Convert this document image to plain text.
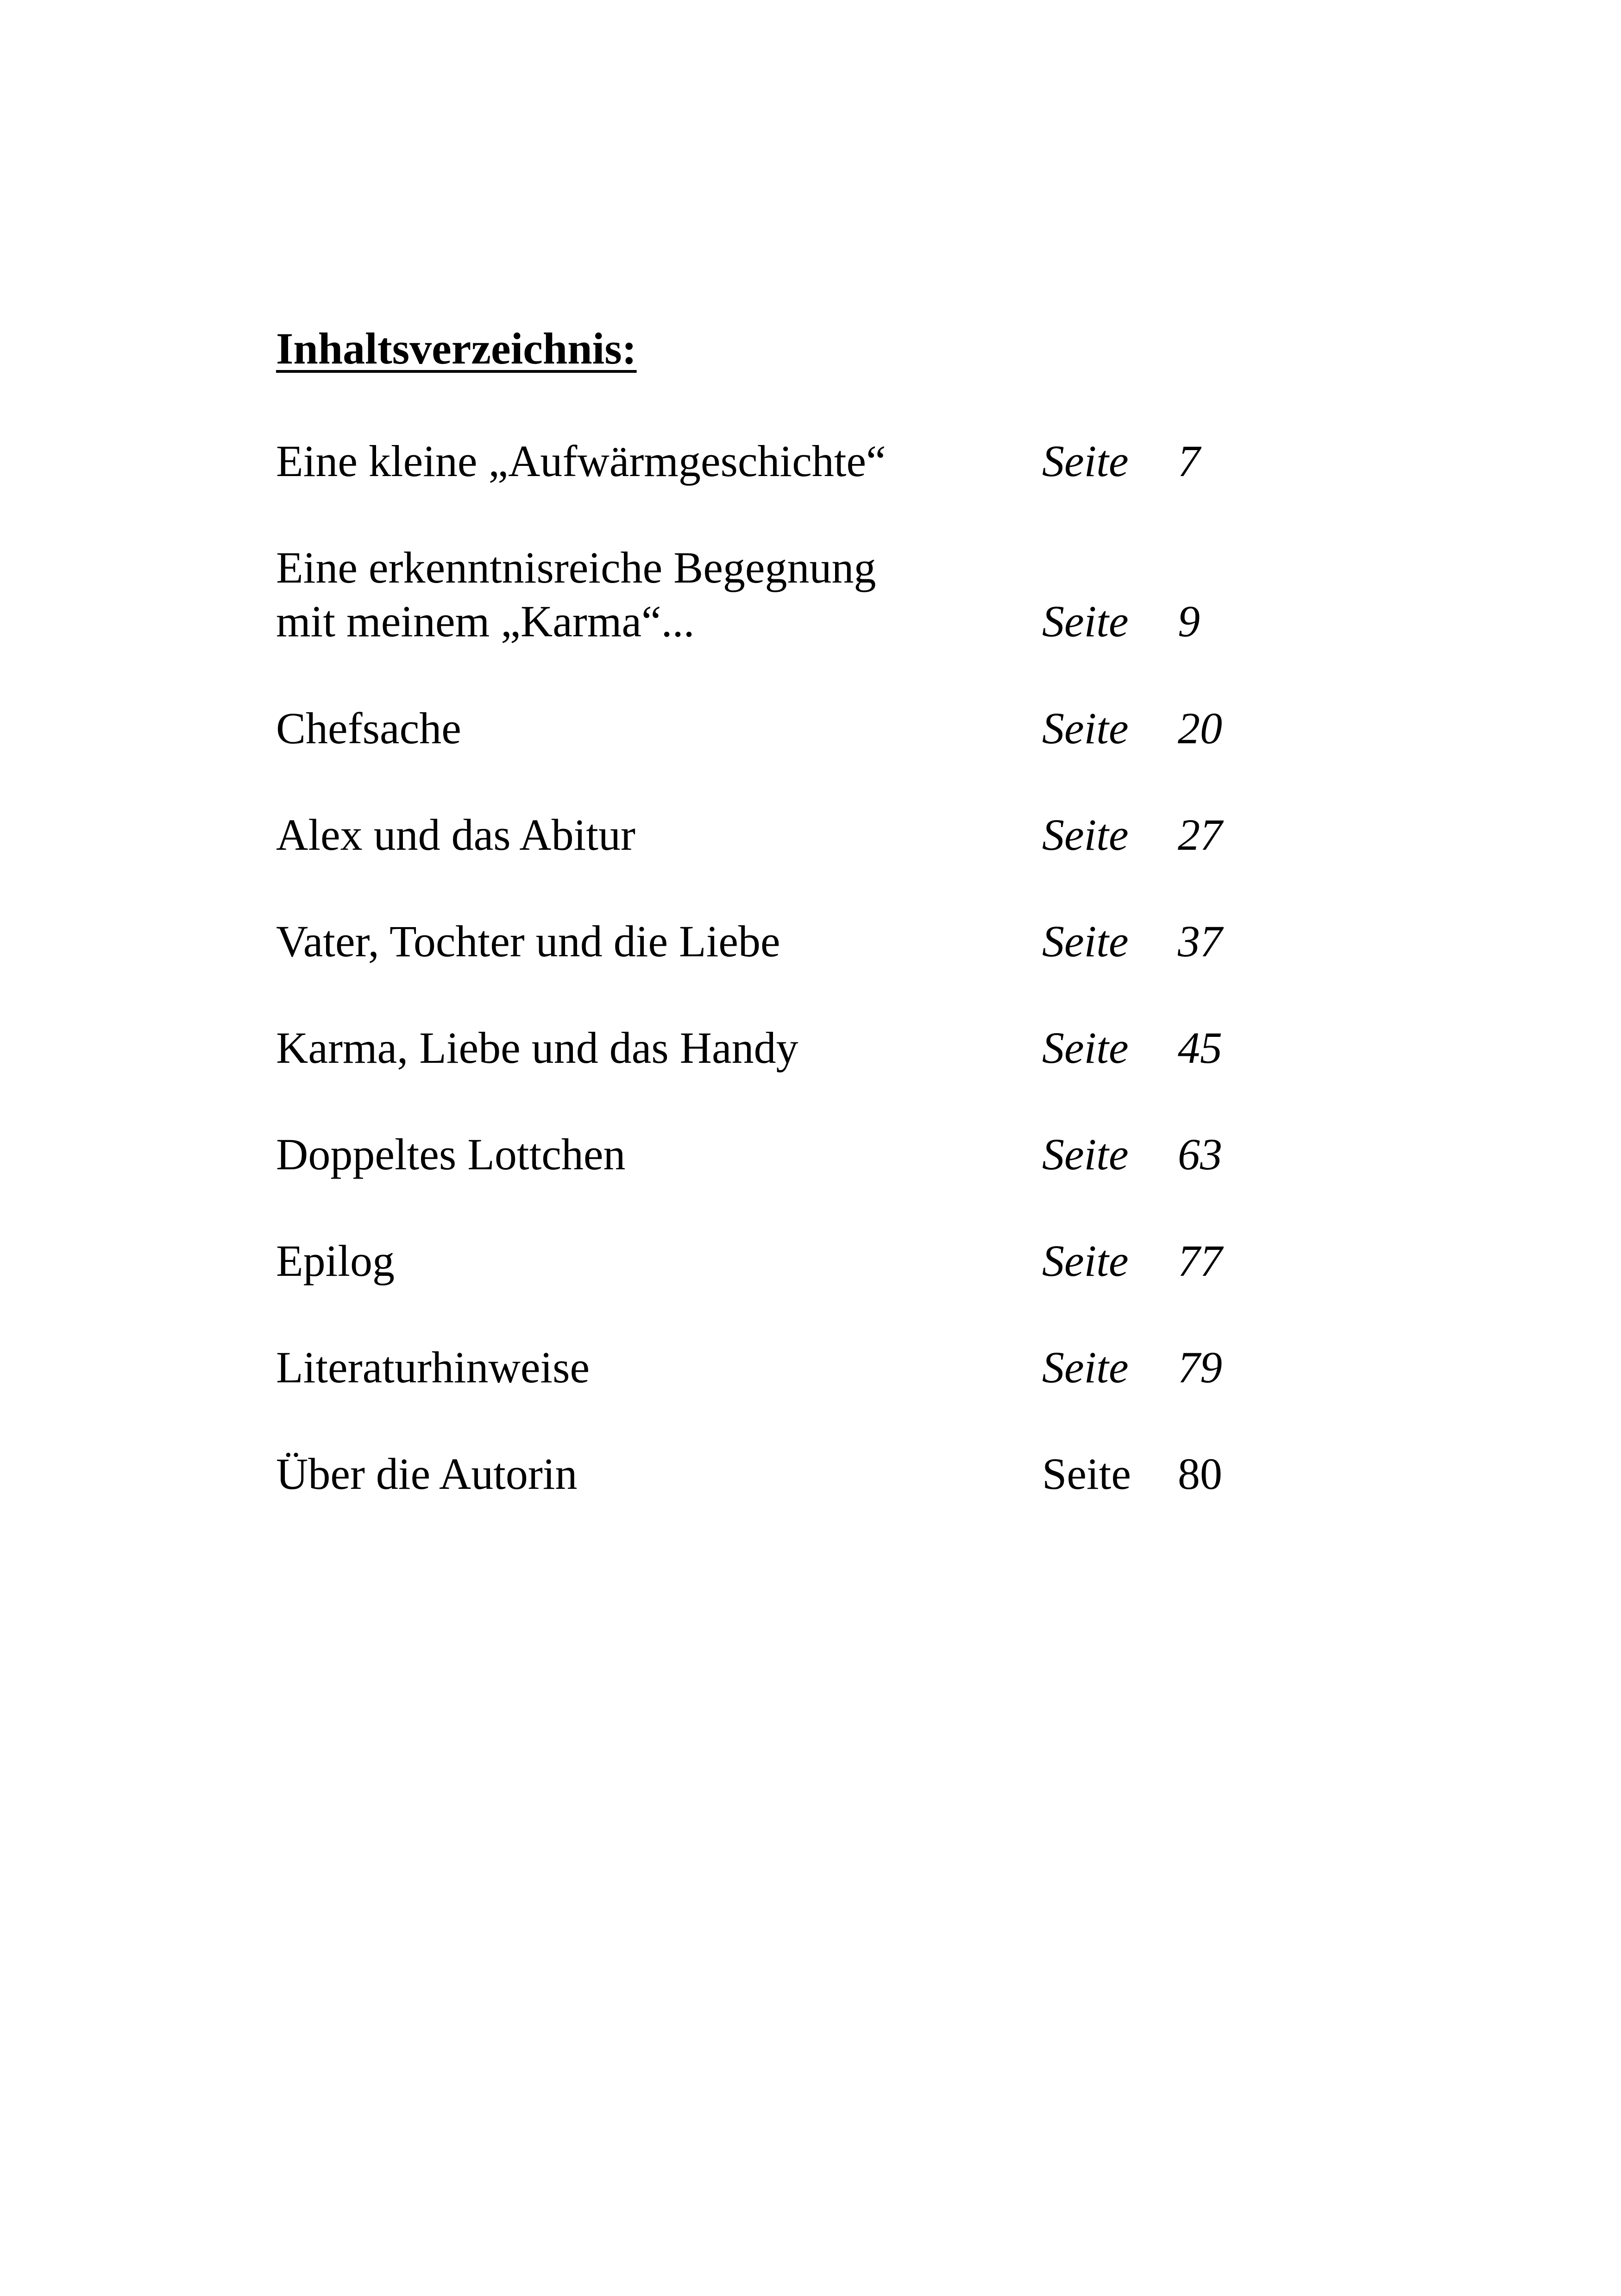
Inhaltsverzeichnis:
Eine kleine „Aufwärmgeschichte“	Seite 7
Eine erkenntnisreiche Begegnung
mit meinem „Karma“...	Seite 9
Chefsache	Seite 20
Alex und das Abitur	Seite 27
Vater, Tochter und die Liebe	Seite 37
Karma, Liebe und das Handy	Seite 45
Doppeltes Lottchen	Seite 63
Epilog	Seite 77
Literaturhinweise	Seite 79
Über die Autorin	Seite 80
